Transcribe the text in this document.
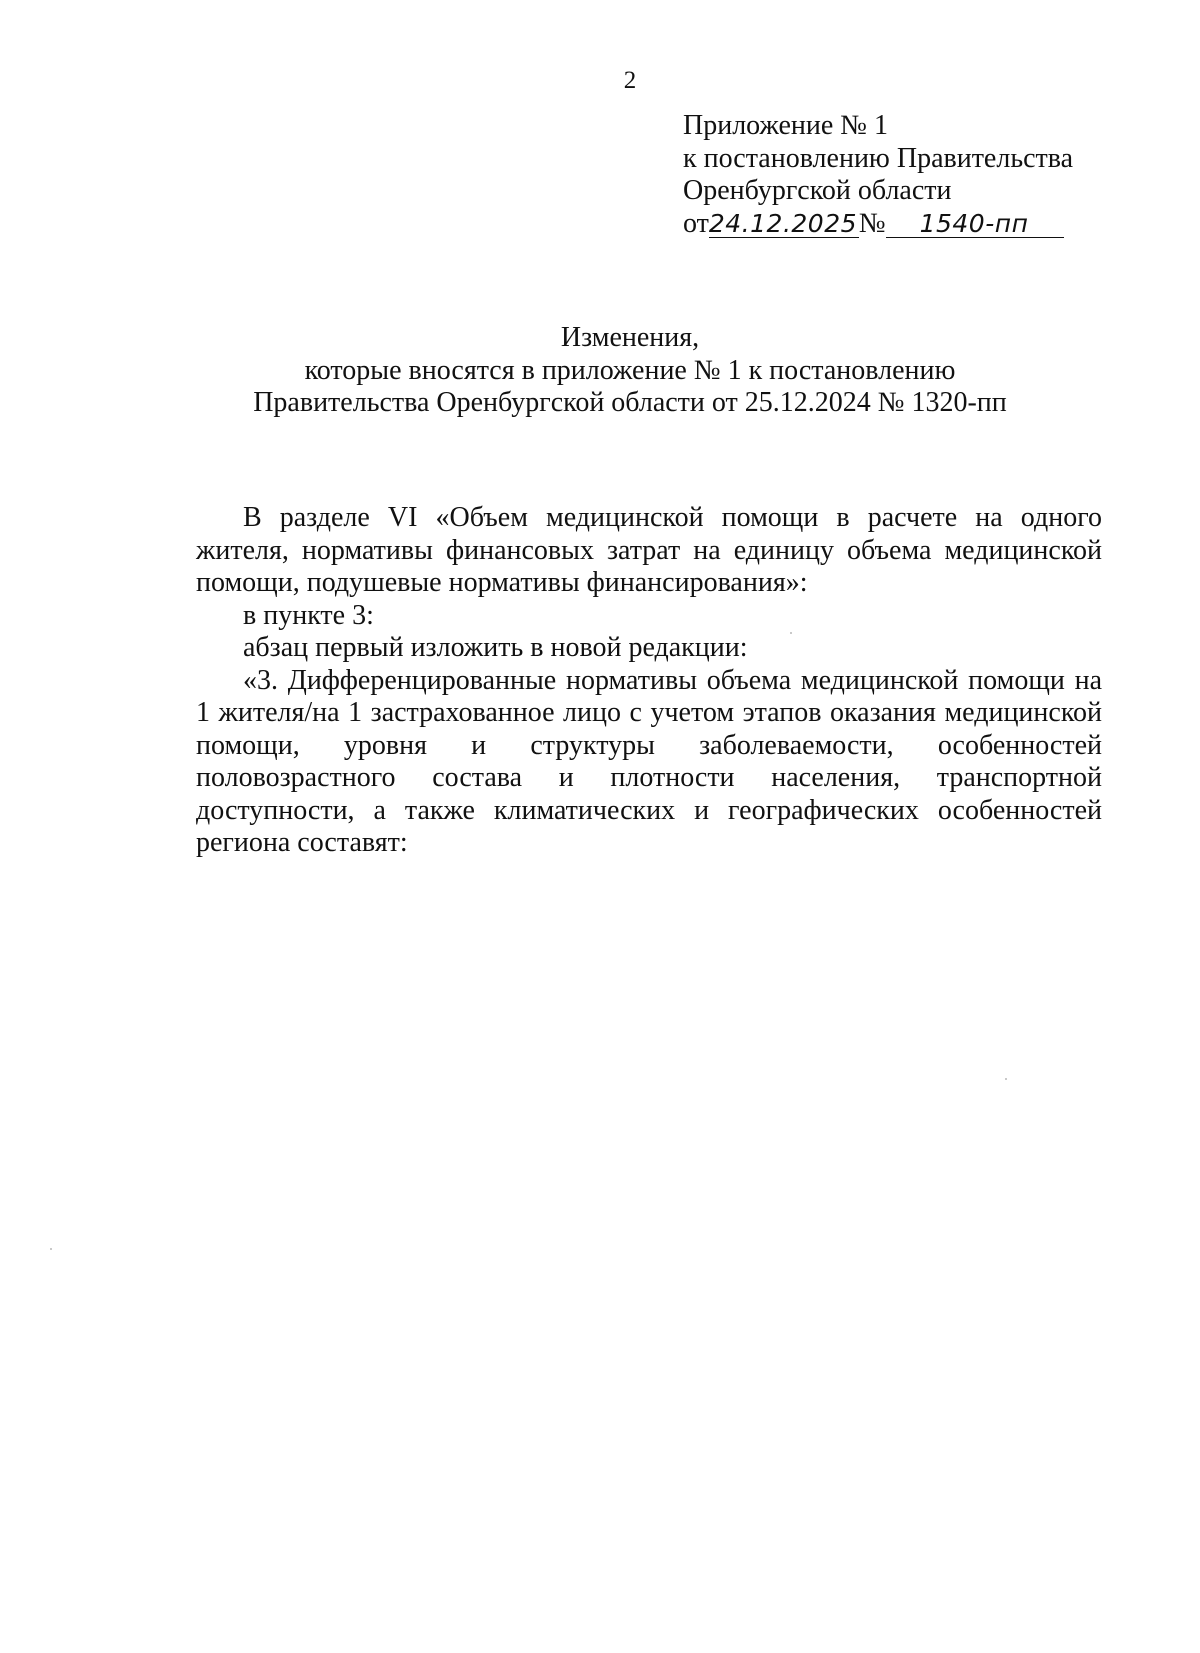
2
Приложение № 1
к постановлению Правительства
Оренбургской области
от24.12.2025№ 1540-пп
Изменения,
которые вносятся в приложение № 1 к постановлению
Правительства Оренбургской области от 25.12.2024 № 1320-пп

В разделе VI «Объем медицинской помощи в расчете на одного жителя, нормативы финансовых затрат на единицу объема медицинской помощи, подушевые нормативы финансирования»:

в пункте 3:

абзац первый изложить в новой редакции:

«3. Дифференцированные нормативы объема медицинской помощи на 1 жителя/на 1 застрахованное лицо с учетом этапов оказания медицинской помощи, уровня и структуры заболеваемости, особенностей половозрастного состава и плотности населения, транспортной доступности, а также климатических и географических особенностей региона составят:
